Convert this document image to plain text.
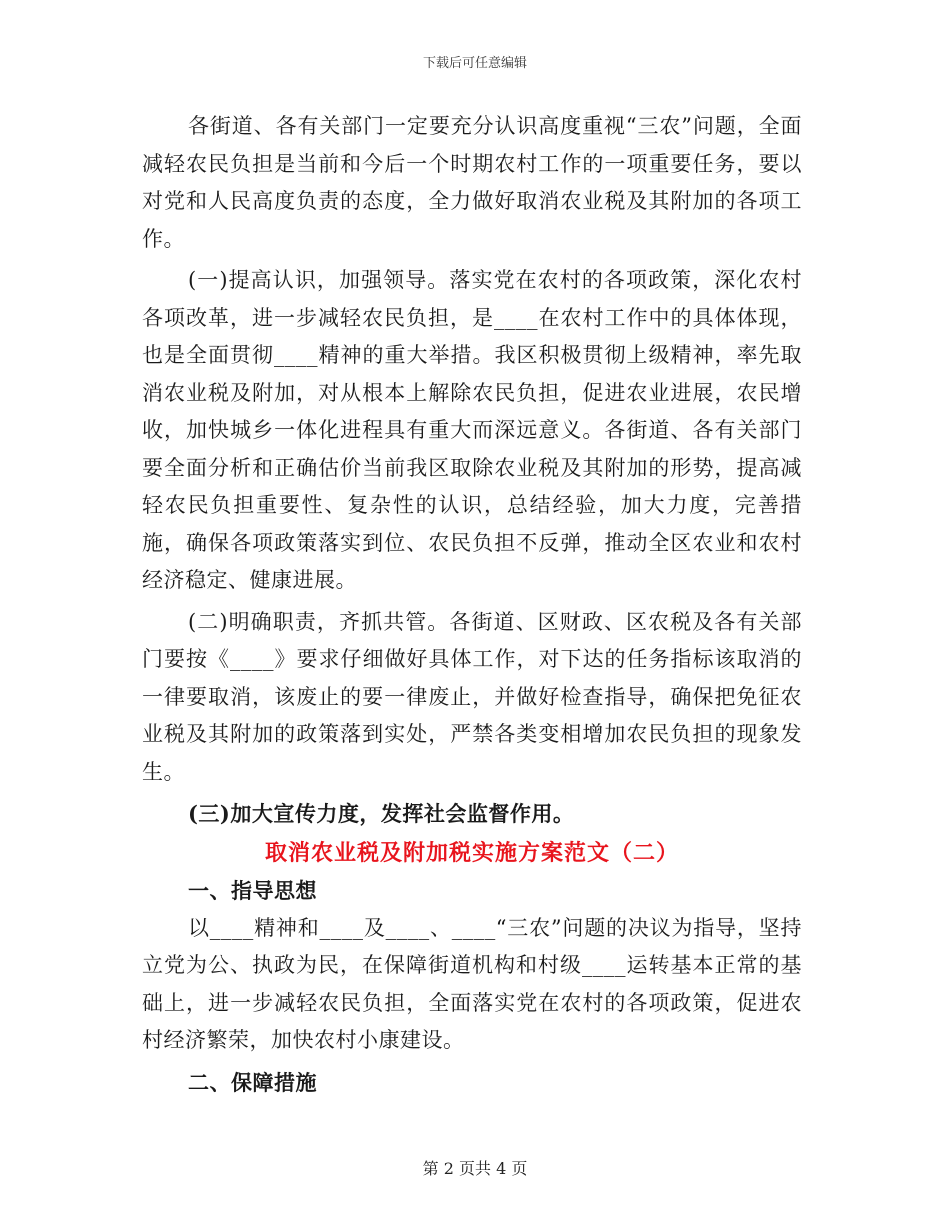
下载后可任意编辑

各街道、各有关部门一定要充分认识高度重视“三农”问题，全面减轻农民负担是当前和今后一个时期农村工作的一项重要任务，要以对党和人民高度负责的态度，全力做好取消农业税及其附加的各项工作。

(一)提高认识，加强领导。落实党在农村的各项政策，深化农村各项改革，进一步减轻农民负担，是____在农村工作中的具体体现，也是全面贯彻____精神的重大举措。我区积极贯彻上级精神，率先取消农业税及附加，对从根本上解除农民负担，促进农业进展，农民增收，加快城乡一体化进程具有重大而深远意义。各街道、各有关部门要全面分析和正确估价当前我区取除农业税及其附加的形势，提高减轻农民负担重要性、复杂性的认识，总结经验，加大力度，完善措施，确保各项政策落实到位、农民负担不反弹，推动全区农业和农村经济稳定、健康进展。

(二)明确职责，齐抓共管。各街道、区财政、区农税及各有关部门要按《____》要求仔细做好具体工作，对下达的任务指标该取消的一律要取消，该废止的要一律废止，并做好检查指导，确保把免征农业税及其附加的政策落到实处，严禁各类变相增加农民负担的现象发生。

(三)加大宣传力度，发挥社会监督作用。

取消农业税及附加税实施方案范文（二）

一、指导思想

以____精神和____及____、____“三农”问题的决议为指导，坚持立党为公、执政为民，在保障街道机构和村级____运转基本正常的基础上，进一步减轻农民负担，全面落实党在农村的各项政策，促进农村经济繁荣，加快农村小康建设。

二、保障措施

第 2 页共 4 页
